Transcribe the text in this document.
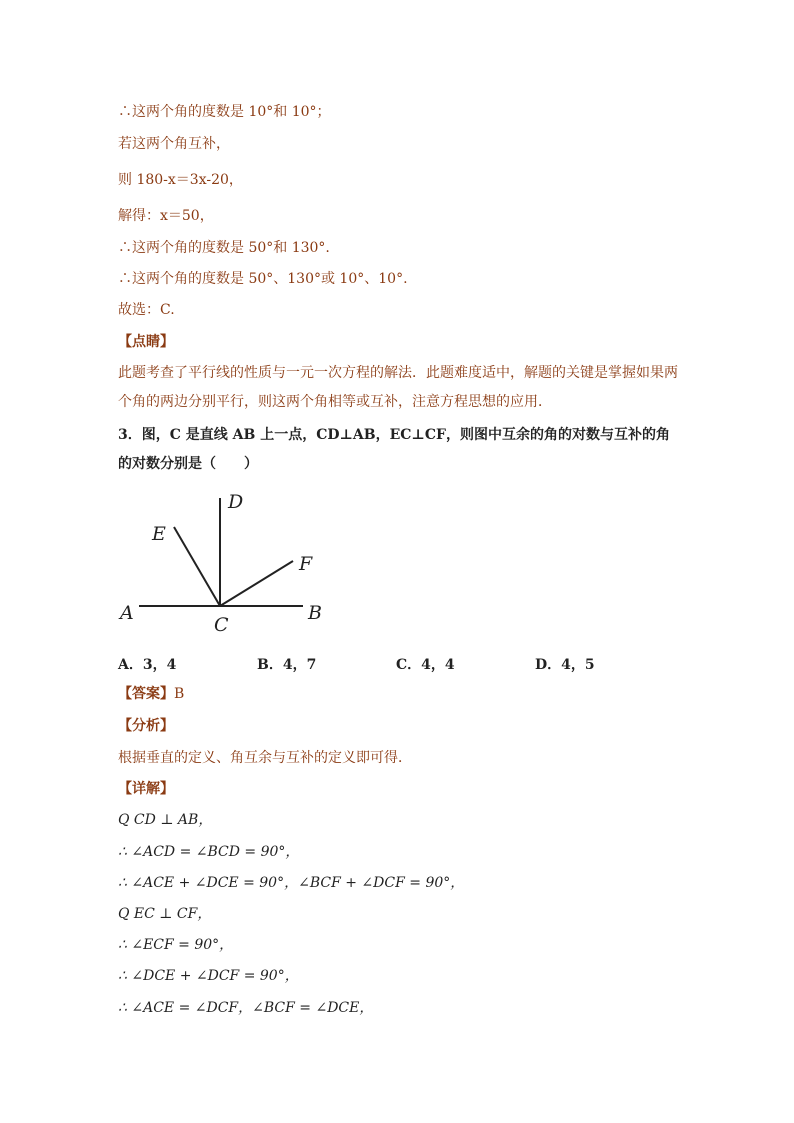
∴这两个角的度数是 10°和 10°；
若这两个角互补，
则 180-x＝3x-20，
解得：x＝50，
∴这两个角的度数是 50°和 130°.
∴这两个角的度数是 50°、130°或 10°、10°.
故选：C.
【点睛】
此题考查了平行线的性质与一元一次方程的解法．此题难度适中，解题的关键是掌握如果两个角的两边分别平行，则这两个角相等或互补，注意方程思想的应用．
3．图，C 是直线 AB 上一点，CD⊥AB，EC⊥CF，则图中互余的角的对数与互补的角的对数分别是（　　）
D
E
F
A
C
B
A．3，4	B．4，7	C．4，4	D．4，5
【答案】B
【分析】
根据垂直的定义、角互余与互补的定义即可得．
【详解】
Q CD ⊥ AB，
∴ ∠ACD = ∠BCD = 90°，
∴ ∠ACE + ∠DCE = 90°，∠BCF + ∠DCF = 90°，
Q EC ⊥ CF，
∴ ∠ECF = 90°，
∴ ∠DCE + ∠DCF = 90°，
∴ ∠ACE = ∠DCF，∠BCF = ∠DCE，
